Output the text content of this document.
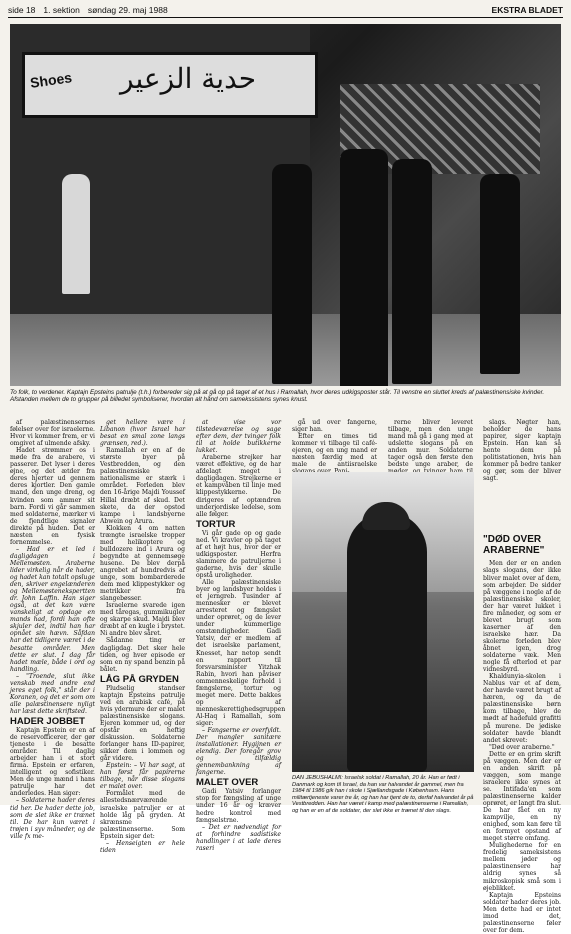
side 18 1. sektion søndag 29. maj 1988	EKSTRA BLADET
Shoes حدية الزعير
To folk, to verdener. Kaptajn Epsteins patrulje (t.h.) forbereder sig på at gå op på taget af et hus i Ramallah, hvor deres udkigsposter står. Til venstre en sluttet kreds af palæstinensiske kvinder. Afstanden mellem de to grupper på billedet symboliserer, hvordan alt hånd om samekssistens synes knust.

af palæstinensernes følelser over for israelerne. Hvor vi kommer frem, er vi omgivet af ulmende afsky.

Hadet strømmer os i møde fra de arabere, vi passerer. Det lyser i deres øjne, og det ætder fra deres hjerter ud gennem deres kjortler. Den gamle mand, den unge dreng, og kvinden som ammer sit barn. Fordi vi går sammen med soldaterne, mærker vi de fjendtlige signaler direkte på huden. Det er næsten en fysisk fornemmelse.

– Had er et led i dagligdagen i Mellemøsten. Araberne lider virkelig når de hader, og hadet kan totalt opsluge den, skriver engelænderen og Mellemøstenekspertten dr. John Laffin. Han siger også, at det kan være vanskeligt at opdage en mands had, fordi han ofte skjuler det, indtil han har opnået sin hævn. Såfdan har det tidligere været i de besatte områder. Men dette er slut. I dag får hadet mæle, både i ord og handling.

– "Troende, slut ikke venskab med andre end jeres eget folk," står der i Koranen, og det er som om alle palæstinensere nyligt har læst dette skriftsted.

HADER JOBBET

Kaptajn Epstein er en af de reservofficerer, der gør tjeneste i de besatte områder. Til daglig arbejder han i et stort firma. Epstein er erfaren, intelligent og sofistiker. Men de unge mænd i hans patrulje har det anderledes. Han siger:

– Soldaterne hader deres tid her. De hader dette job, som de slet ikke er trænet til. De har kun været i trøjen i syv måneder, og de ville fx me-

get hellere være i Libanon (hvor Israel har besat en smal zone langs grænsen, red.).

Ramallah er en af de største byer på Vestbredden, og den palæstinensiske nationalisme er stærk i området. Forleden blev den 16-årige Majdi Youssef Hillal dræbt af skud. Det skete, da der opstod kampe i landsbyerne Abwein og Arura.

Klokken 4 om natten trængte israelske tropper med helikoptere og bulldozere ind i Arura og begyndte at gennemsøge husene. De blev derpå angrebet af hundredvis af unge, som bombarderede dem med klippestykker og metrikker fra slangebøsser.

Israelerne svarede igen med tåregas, gummikugler og skarpe skud. Majdi blev dræbt af en kugle i brystet. Ni andre blev såret.

Sådanne ting er dagligdag. Det sker hele tiden, og hver episode er som en ny spand benzin på bålet.

LÅG PÅ GRYDEN

Pludselig standser kaptajn Epsteins patrulje ved en arabisk café, på hvis ydermure der er malet palæstinensiske slogans. Ejeren kommer ud, og der opstår en heftig diskussion. Soldaterne forlanger hans ID-papirer, sikker dem i lommen og går videre.

Epstein: – Vi har sagt, at han først får papirerne tilbage, når disse slogans er malet over.

Formålet med de allestedsnærværende israelske patruljer er at holde låg på gryden. At skrænsme palæstinenserne. Som Epstein siger det:

– Henseigten er hele tiden

at vise vor tilstedeværelse og sage efter dem, der tvinger folk til at holde butikkerne lukket.

Araberne strejker har været effektive, og de har afdelagt meget i dagligdagen. Strejkerne er et kampvåben til linje med klippestykkerne. De dirigeres af optændren underjordiske ledelse, som alle følger.

TORTUR

Vi går gade op og gade ned. Vi kravler op på taget af et højt hus, hvor der er udkigsposter. Herfra slammere de patruljerne i gaderne, hvis der skulle opstå uroligheder.

Alle palæstinensiske byer og landsbyer holdes i et jerngreb. Tusinder af mennesker er blevet arresteret og fængslet under oprøret, og de lever under kummerlige omstændigheder. Gadi Yatsiv, der er medlem af det israelske parlament, Knesset, har netop sendt en rapport til forsvarsminister Yitzhak Rabin, hvori han påviser ommenneskelige forhold i fængslerne, tortur og meget mere. Dette bakkes op af menneskerettighedsgruppen Al-Haq i Ramallah, som siger:

– Fangserne er overfyldt. Der mangler sanitære installationer. Hygijnen er elendig. Der foregår grov og tilfældig gennembankning af fangerne.

MALET OVER

Gadi Yatsiv forlanger stop for fængsling af unge under 16 år og kræver hedre kontrol med fængselstrne.

– Det er nødvendigt for at forhindre sadistiske handlinger i at lade deres raseri

gå ud over fangerne, siger han.

Efter en times tid kommer vi tilbage til café-ejeren, og en ung mand er næsten færdig med at male de antiisraelske

rerne bliver leveret tilbage, men den unge mand må gå i gang med at udslette slogans på en anden mur. Soldaterne tager også den første den bedste unge araber, de

DAN JEBUSHALMI: Israelsk soldat i Ramallah, 20 år. Han er født i Danmark og kom til Israel, da han var halvandet år gammel, men fra 1984 til 1986 gik han i skole i Sjællandsgade i København. Hans militærtjeneste varer tre år, og han har tjent de to, derfaf halvandet år på Vestbredden. Han har været i kamp med palæstinenserne i Ramallah, og han er en af de soldater, der slet ikke er trænet til den slags.

slags. Nøgter han, beholder de hans papirer, siger kaptajn Epstein. Han kan så hente dem på politistationen, hvis han kommer på bedre tanker og gør, som der bliver sagt.

"DØD OVER ARABERNE"

Men der er en anden slags slogans, der ikke bliver malet over af dem, som arbejder. De sidder på væggene i nogle af de palæstinensiske skoler, der har været lukket i fire måneder, og som er blevet brugt som kaserner af den israelske hær. Da skolerne forleden blev åbnet igen, drog soldaterne væk. Men nogle få efterlod et par vidnesbyrd.

Khaldunyia-skolen i Nablus var et af dem, der havde været brugt af hæren, og da de palæstinensiske børn kom tilbage, blev de mødt af hadefuld grafitti på murene. De jødiske soldater havde blandt andet skrevet:

"Død over araberne."

Dette er en grim skrift på væggen. Men der er en anden skrift på væggen, som mange israelere ikke synes at se. Intifada'en som palæstinenserne kalder oprøret, er langt fra slut. De har fået en ny kampvilje, en ny enighed, som kan føre til en formyet opstand af meget større omfang.

Mulighederne for en fredelig sameksistens mellem jøder og palæstinensere har aldrig synes så mikroskopisk små som i øjeblikket.

Kaptajn Epsteins soldater hader deres job. Men dette had er intet imod det, palæstinenserne føler over for dem.
